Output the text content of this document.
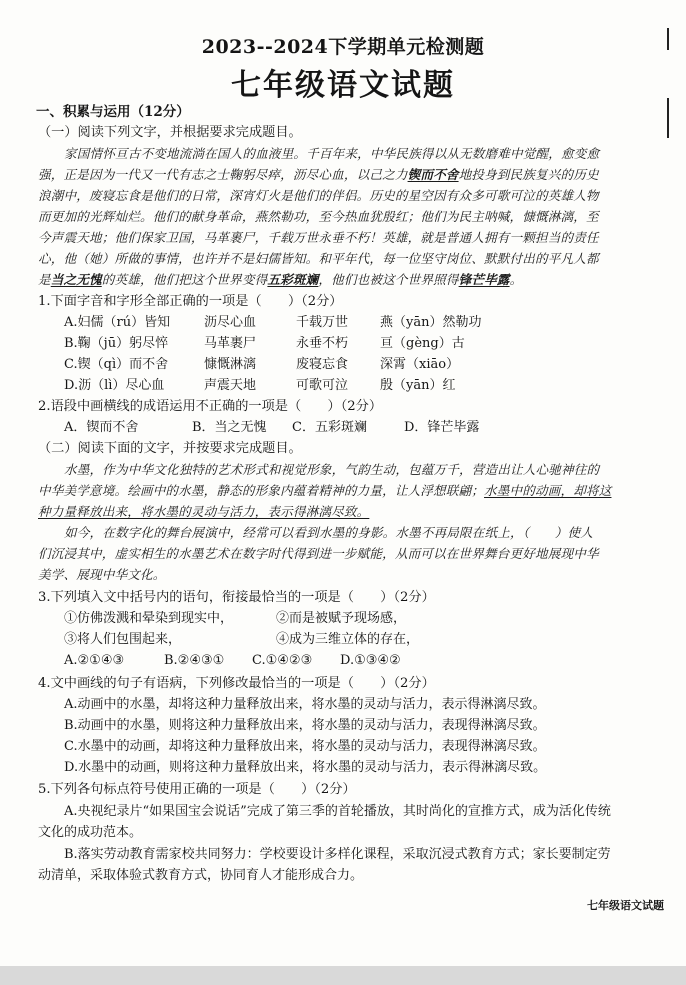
2023--2024下学期单元检测题
七年级语文试题
一、积累与运用（12分）
（一）阅读下列文字，并根据要求完成题目。
家国情怀亘古不变地流淌在国人的血液里。千百年来，中华民族得以从无数磨难中觉醒，愈变愈
强，正是因为一代又一代有志之士鞠躬尽瘁，沥尽心血，以己之力锲而不舍地投身到民族复兴的历史
浪潮中，废寝忘食是他们的日常，深宵灯火是他们的伴侣。历史的星空因有众多可歌可泣的英雄人物
而更加的光辉灿烂。他们的献身革命，燕然勒功，至今热血犹殷红；他们为民主呐喊，慷慨淋漓，至
今声震天地；他们保家卫国，马革裹尸，千载万世永垂不朽！英雄，就是普通人拥有一颗担当的责任
心，他（她）所做的事情，也许并不是妇儒皆知。和平年代，每一位坚守岗位、默默付出的平凡人都
是当之无愧的英雄，他们把这个世界变得五彩斑斓，他们也被这个世界照得锋芒毕露。
1.下面字音和字形全部正确的一项是（　　）（2分）
A.妇儒（rú）皆知	沥尽心血	千载万世 燕（yān）然勒功
B.鞠（jū）躬尽悴	马革裹尸	永垂不朽 亘（gèng）古
C.锲（qì）而不舍	慷慨淋漓	废寝忘食 深霄（xiāo）
D.沥（lì）尽心血	声震天地	可歌可泣 殷（yān）红
2.语段中画横线的成语运用不正确的一项是（　　）（2分）
A．锲而不舍	B．当之无愧 C．五彩斑斓	D．锋芒毕露
（二）阅读下面的文字，并按要求完成题目。
水墨，作为中华文化独特的艺术形式和视觉形象，气韵生动，包蕴万千，营造出让人心驰神往的
中华美学意境。绘画中的水墨，静态的形象内蕴着精神的力量，让人浮想联翩；水墨中的动画，却将这
种力量释放出来，将水墨的灵动与活力，表示得淋漓尽致。
如今，在数字化的舞台展演中，经常可以看到水墨的身影。水墨不再局限在纸上，（　　）使人
们沉浸其中，虚实相生的水墨艺术在数字时代得到进一步赋能，从而可以在世界舞台更好地展现中华
美学、展现中华文化。
3.下列填入文中括号内的语句，衔接最恰当的一项是（　　）（2分）
①仿佛泼溅和晕染到现实中，	②而是被赋予现场感，
③将人们包围起来，	④成为三维立体的存在，
A.②①④③	B.②④③① C.①④②③ D.①③④②
4.文中画线的句子有语病，下列修改最恰当的一项是（　　）（2分）
A.动画中的水墨，却将这种力量释放出来，将水墨的灵动与活力，表示得淋漓尽致。
B.动画中的水墨，则将这种力量释放出来，将水墨的灵动与活力，表现得淋漓尽致。
C.水墨中的动画，却将这种力量释放出来，将水墨的灵动与活力，表现得淋漓尽致。
D.水墨中的动画，则将这种力量释放出来，将水墨的灵动与活力，表示得淋漓尽致。
5.下列各句标点符号使用正确的一项是（　　）（2分）
A.央视纪录片“如果国宝会说话”完成了第三季的首轮播放，其时尚化的宣推方式，成为活化传统
文化的成功范本。
B.落实劳动教育需家校共同努力：学校要设计多样化课程，采取沉浸式教育方式；家长要制定劳
动清单，采取体验式教育方式，协同育人才能形成合力。
七年级语文试题
